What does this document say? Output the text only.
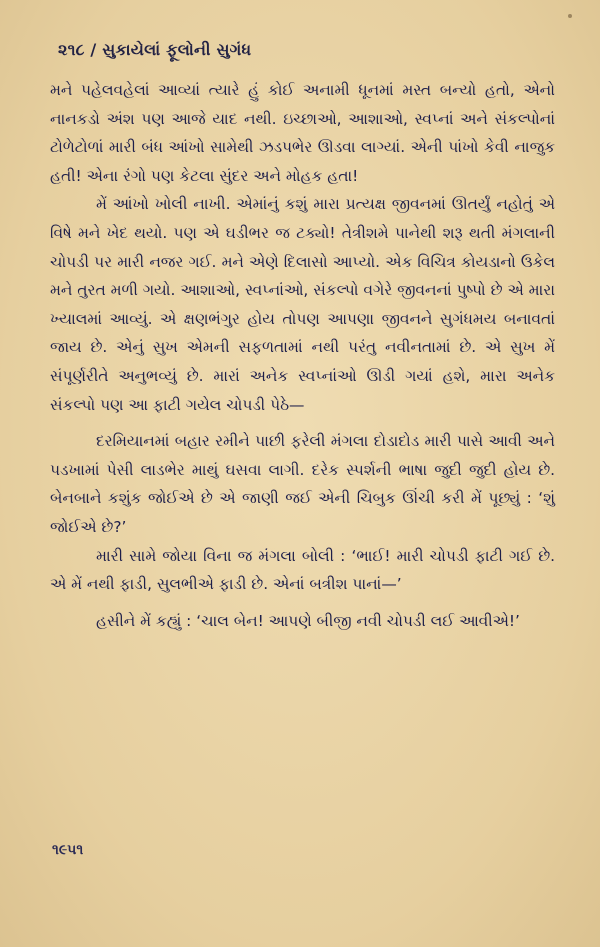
૨૧૮ / સુકાયેલાં ફૂલોની સુગંધ

મને પહેલવહેલાં આવ્યાં ત્યારે હું કોઈ અનામી ધૂનમાં મસ્ત બન્યો હતો, એનો નાનકડો અંશ પણ આજે યાદ નથી. ઇચ્છાઓ, આશાઓ, સ્વપ્નાં અને સંકલ્પોનાં ટોળેટોળાં મારી બંધ આંખો સામેથી ઝડપભેર ઊડવા લાગ્યાં. એની પાંખો કેવી નાજુક હતી! એના રંગો પણ કેટલા સુંદર અને મોહક હતા!

મેં આંખો ખોલી નાખી. એમાંનું કશું મારા પ્રત્યક્ષ જીવનમાં ઊતર્યું નહોતું એ વિષે મને ખેદ થયો. પણ એ ઘડીભર જ ટક્યો! તેત્રીશમે પાનેથી શરૂ થતી મંગલાની ચોપડી પર મારી નજર ગઈ. મને એણે દિલાસો આપ્યો. એક વિચિત્ર કોયડાનો ઉકેલ મને તુરત મળી ગયો. આશાઓ, સ્વપ્નાંઓ, સંકલ્પો વગેરે જીવનનાં પુષ્પો છે એ મારા ખ્યાલમાં આવ્યું. એ ક્ષણભંગુર હોય તોપણ આપણા જીવનને સુગંધમય બનાવતાં જાય છે. એનું સુખ એમની સફળતામાં નથી પરંતુ નવીનતામાં છે. એ સુખ મેં સંપૂર્ણરીતે અનુભવ્યું છે. મારાં અનેક સ્વપ્નાંઓ ઊડી ગયાં હશે, મારા અનેક સંકલ્પો પણ આ ફાટી ગયેલ ચોપડી પેઠે—

દરમિયાનમાં બહાર રમીને પાછી ફરેલી મંગલા દોડાદોડ મારી પાસે આવી અને પડખામાં પેસી લાડભેર માથું ઘસવા લાગી. દરેક સ્પર્શની ભાષા જુદી જુદી હોય છે. બેનબાને કશુંક જોઈએ છે એ જાણી જઈ એની ચિબુક ઊંચી કરી મેં પૂછ્યું : ‘શું જોઈએ છે?’

મારી સામે જોયા વિના જ મંગલા બોલી : ‘ભાઈ! મારી ચોપડી ફાટી ગઈ છે. એ મેં નથી ફાડી, સુલભીએ ફાડી છે. એનાં બત્રીશ પાનાં—’

હસીને મેં કહ્યું : ‘ચાલ બેન! આપણે બીજી નવી ચોપડી લઈ આવીએ!’

૧૯૫૧
